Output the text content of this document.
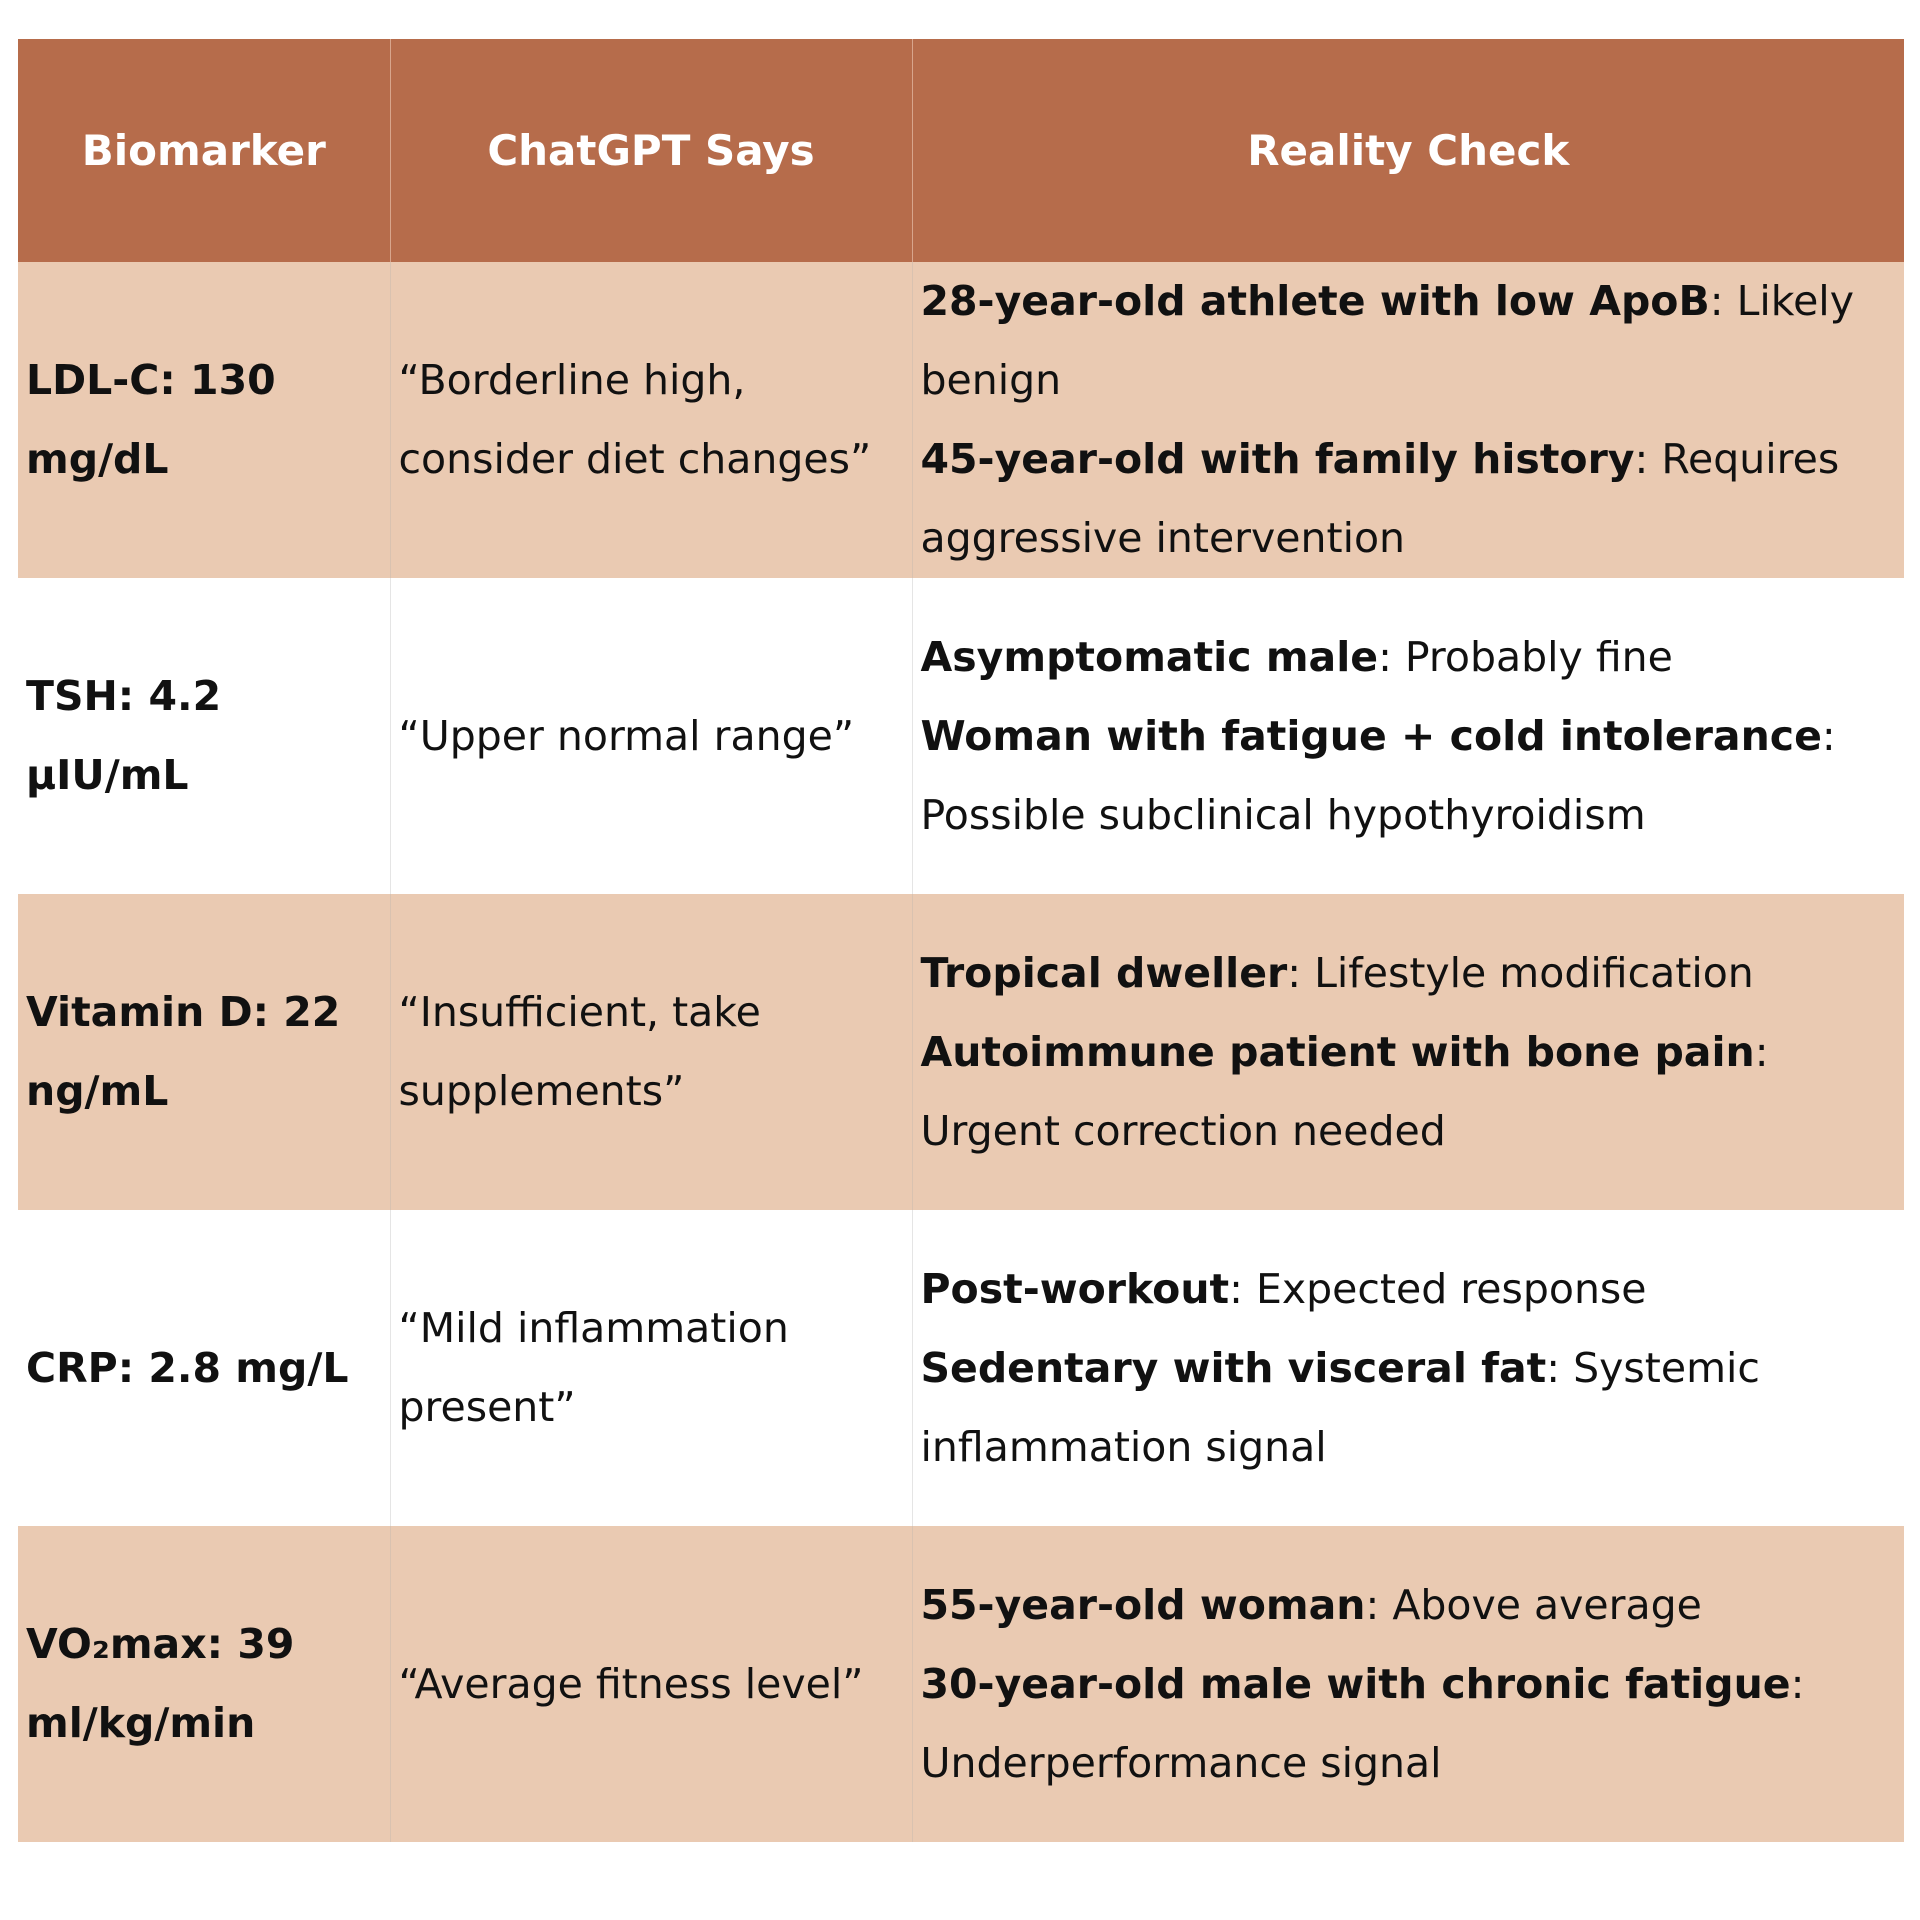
Biomarker	ChatGPT Says	Reality Check
LDL-C: 130 mg/dL	“Borderline high, consider diet changes”	28-year-old athlete with low ApoB: Likely benign
45-year-old with family history: Requires aggressive intervention

TSH: 4.2 μIU/mL	“Upper normal range”	Asymptomatic male: Probably fine
Woman with fatigue + cold intolerance: Possible subclinical hypothyroidism

Vitamin D: 22 ng/mL	“Insufficient, take supplements”	Tropical dweller: Lifestyle modification
Autoimmune patient with bone pain: Urgent correction needed

CRP: 2.8 mg/L	“Mild inflammation present”	Post-workout: Expected response
Sedentary with visceral fat: Systemic inflammation signal

VO₂max: 39 ml/kg/min	“Average fitness level”	55-year-old woman: Above average
30-year-old male with chronic fatigue: Underperformance signal
